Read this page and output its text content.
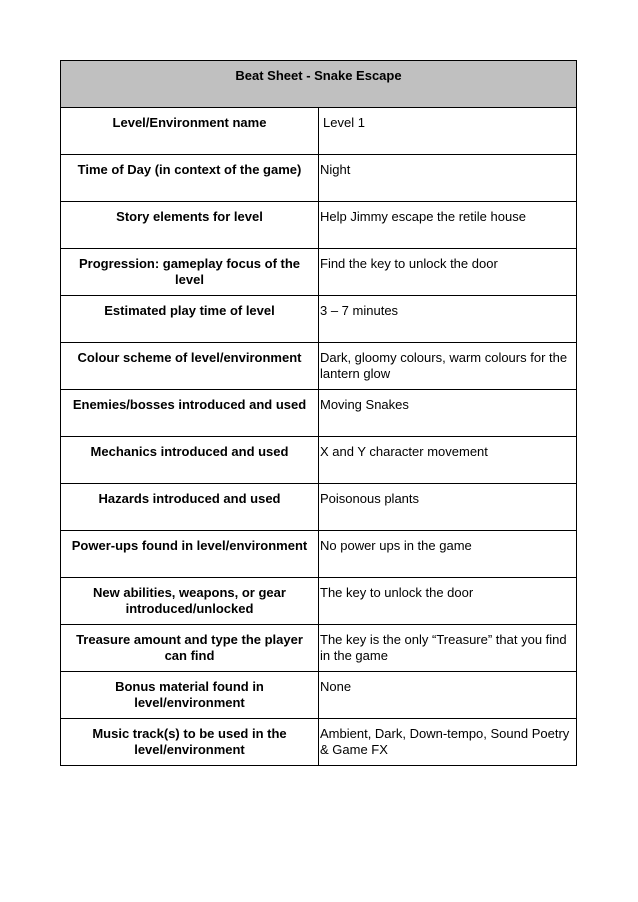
Beat Sheet - Snake Escape	

Level/Environment name	Level 1

Time of Day (in context of the game)	Night

Story elements for level	Help Jimmy escape the retile house

Progression: gameplay focus of the level	Find the key to unlock the door

Estimated play time of level	3 – 7 minutes

Colour scheme of level/environment	Dark, gloomy colours, warm colours for the lantern glow

Enemies/bosses introduced and used	Moving Snakes

Mechanics introduced and used	X and Y character movement

Hazards introduced and used	Poisonous plants

Power-ups found in level/environment	No power ups in the game

New abilities, weapons, or gear introduced/unlocked	The key to unlock the door

Treasure amount and type the player can find	The key is the only “Treasure” that you find in the game

Bonus material found in level/environment	None

Music track(s) to be used in the level/environment	Ambient, Dark, Down-tempo, Sound Poetry & Game FX
